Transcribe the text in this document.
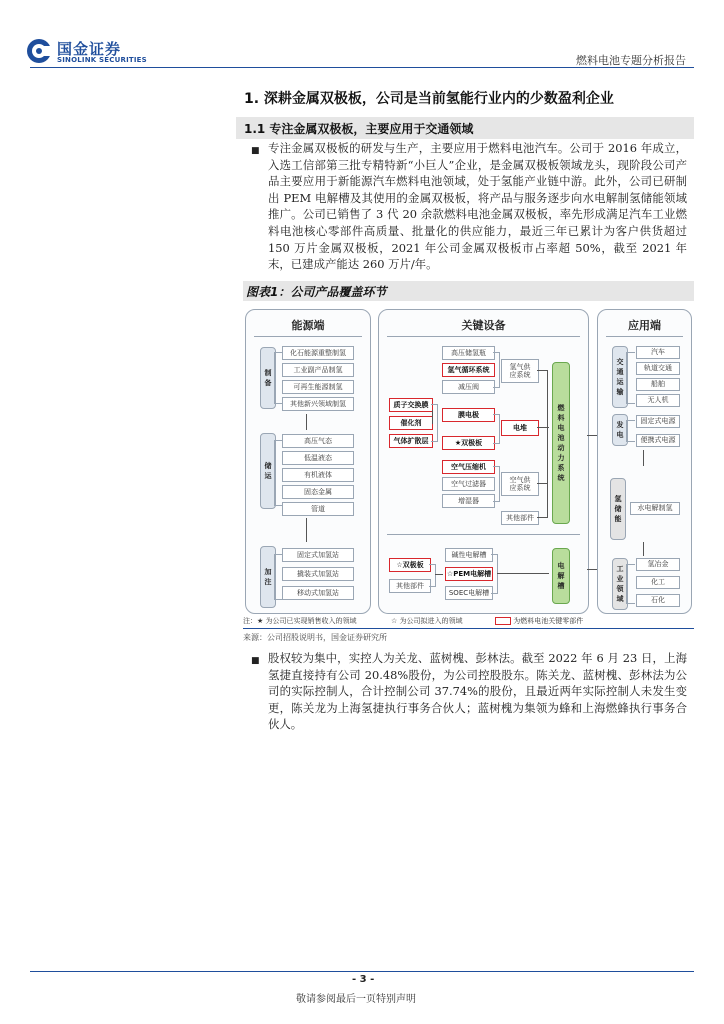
国金证券
SINOLINK SECURITIES	燃料电池专题分析报告
1. 深耕金属双极板，公司是当前氢能行业内的少数盈利企业
1.1 专注金属双极板，主要应用于交通领域
■ 专注金属双极板的研发与生产，主要应用于燃料电池汽车。公司于 2016 年成立，入选工信部第三批专精特新“小巨人”企业，是金属双极板领域龙头，现阶段公司产品主要应用于新能源汽车燃料电池领域，处于氢能产业链中游。此外，公司已研制出 PEM 电解槽及其使用的金属双极板，将产品与服务逐步向水电解制氢储能领域推广。公司已销售了 3 代 20 余款燃料电池金属双极板，率先形成满足汽车工业燃料电池核心零部件高质量、批量化的供应能力，最近三年已累计为客户供货超过 150 万片金属双极板，2021 年公司金属双极板市占率超 50%，截至 2021 年末，已建成产能达 260 万片/年。
图表1：公司产品覆盖环节
能源端
制备
化石能源重整制氢
工业副产品制氢
可再生能源制氢
其他新兴领域制氢
储运
高压气态
低温液态
有机液体
固态金属
管道
加注
固定式加氢站
撬装式加氢站
移动式加氢站
关键设备
高压储氢瓶
氢气循环系统
减压阀
氢气供应系统
质子交换膜
催化剂
气体扩散层
膜电极
★双极板
电堆
空气压缩机
空气过滤器
增湿器
空气供应系统
其他部件
燃料电池动力系统
☆双极板
其他部件
碱性电解槽
☆PEM电解槽
SOEC电解槽
电解槽
应用端
交通运输
汽车
轨道交通
船舶
无人机
发电
固定式电源
便携式电源
氢储能
水电解制氢
工业领域
氢冶金
化工
石化
注：★ 为公司已实现销售收入的领域	☆ 为公司拟进入的领域	为燃料电池关键零部件
来源：公司招股说明书，国金证券研究所
■ 股权较为集中，实控人为关龙、蓝树槐、彭林法。截至 2022 年 6 月 23 日，上海氢捷直接持有公司 20.48%股份，为公司控股股东。陈关龙、蓝树槐、彭林法为公司的实际控制人，合计控制公司 37.74%的股份，且最近两年实际控制人未发生变更，陈关龙为上海氢捷执行事务合伙人；蓝树槐为集领为蜂和上海燃蜂执行事务合伙人。
- 3 -
敬请参阅最后一页特别声明
